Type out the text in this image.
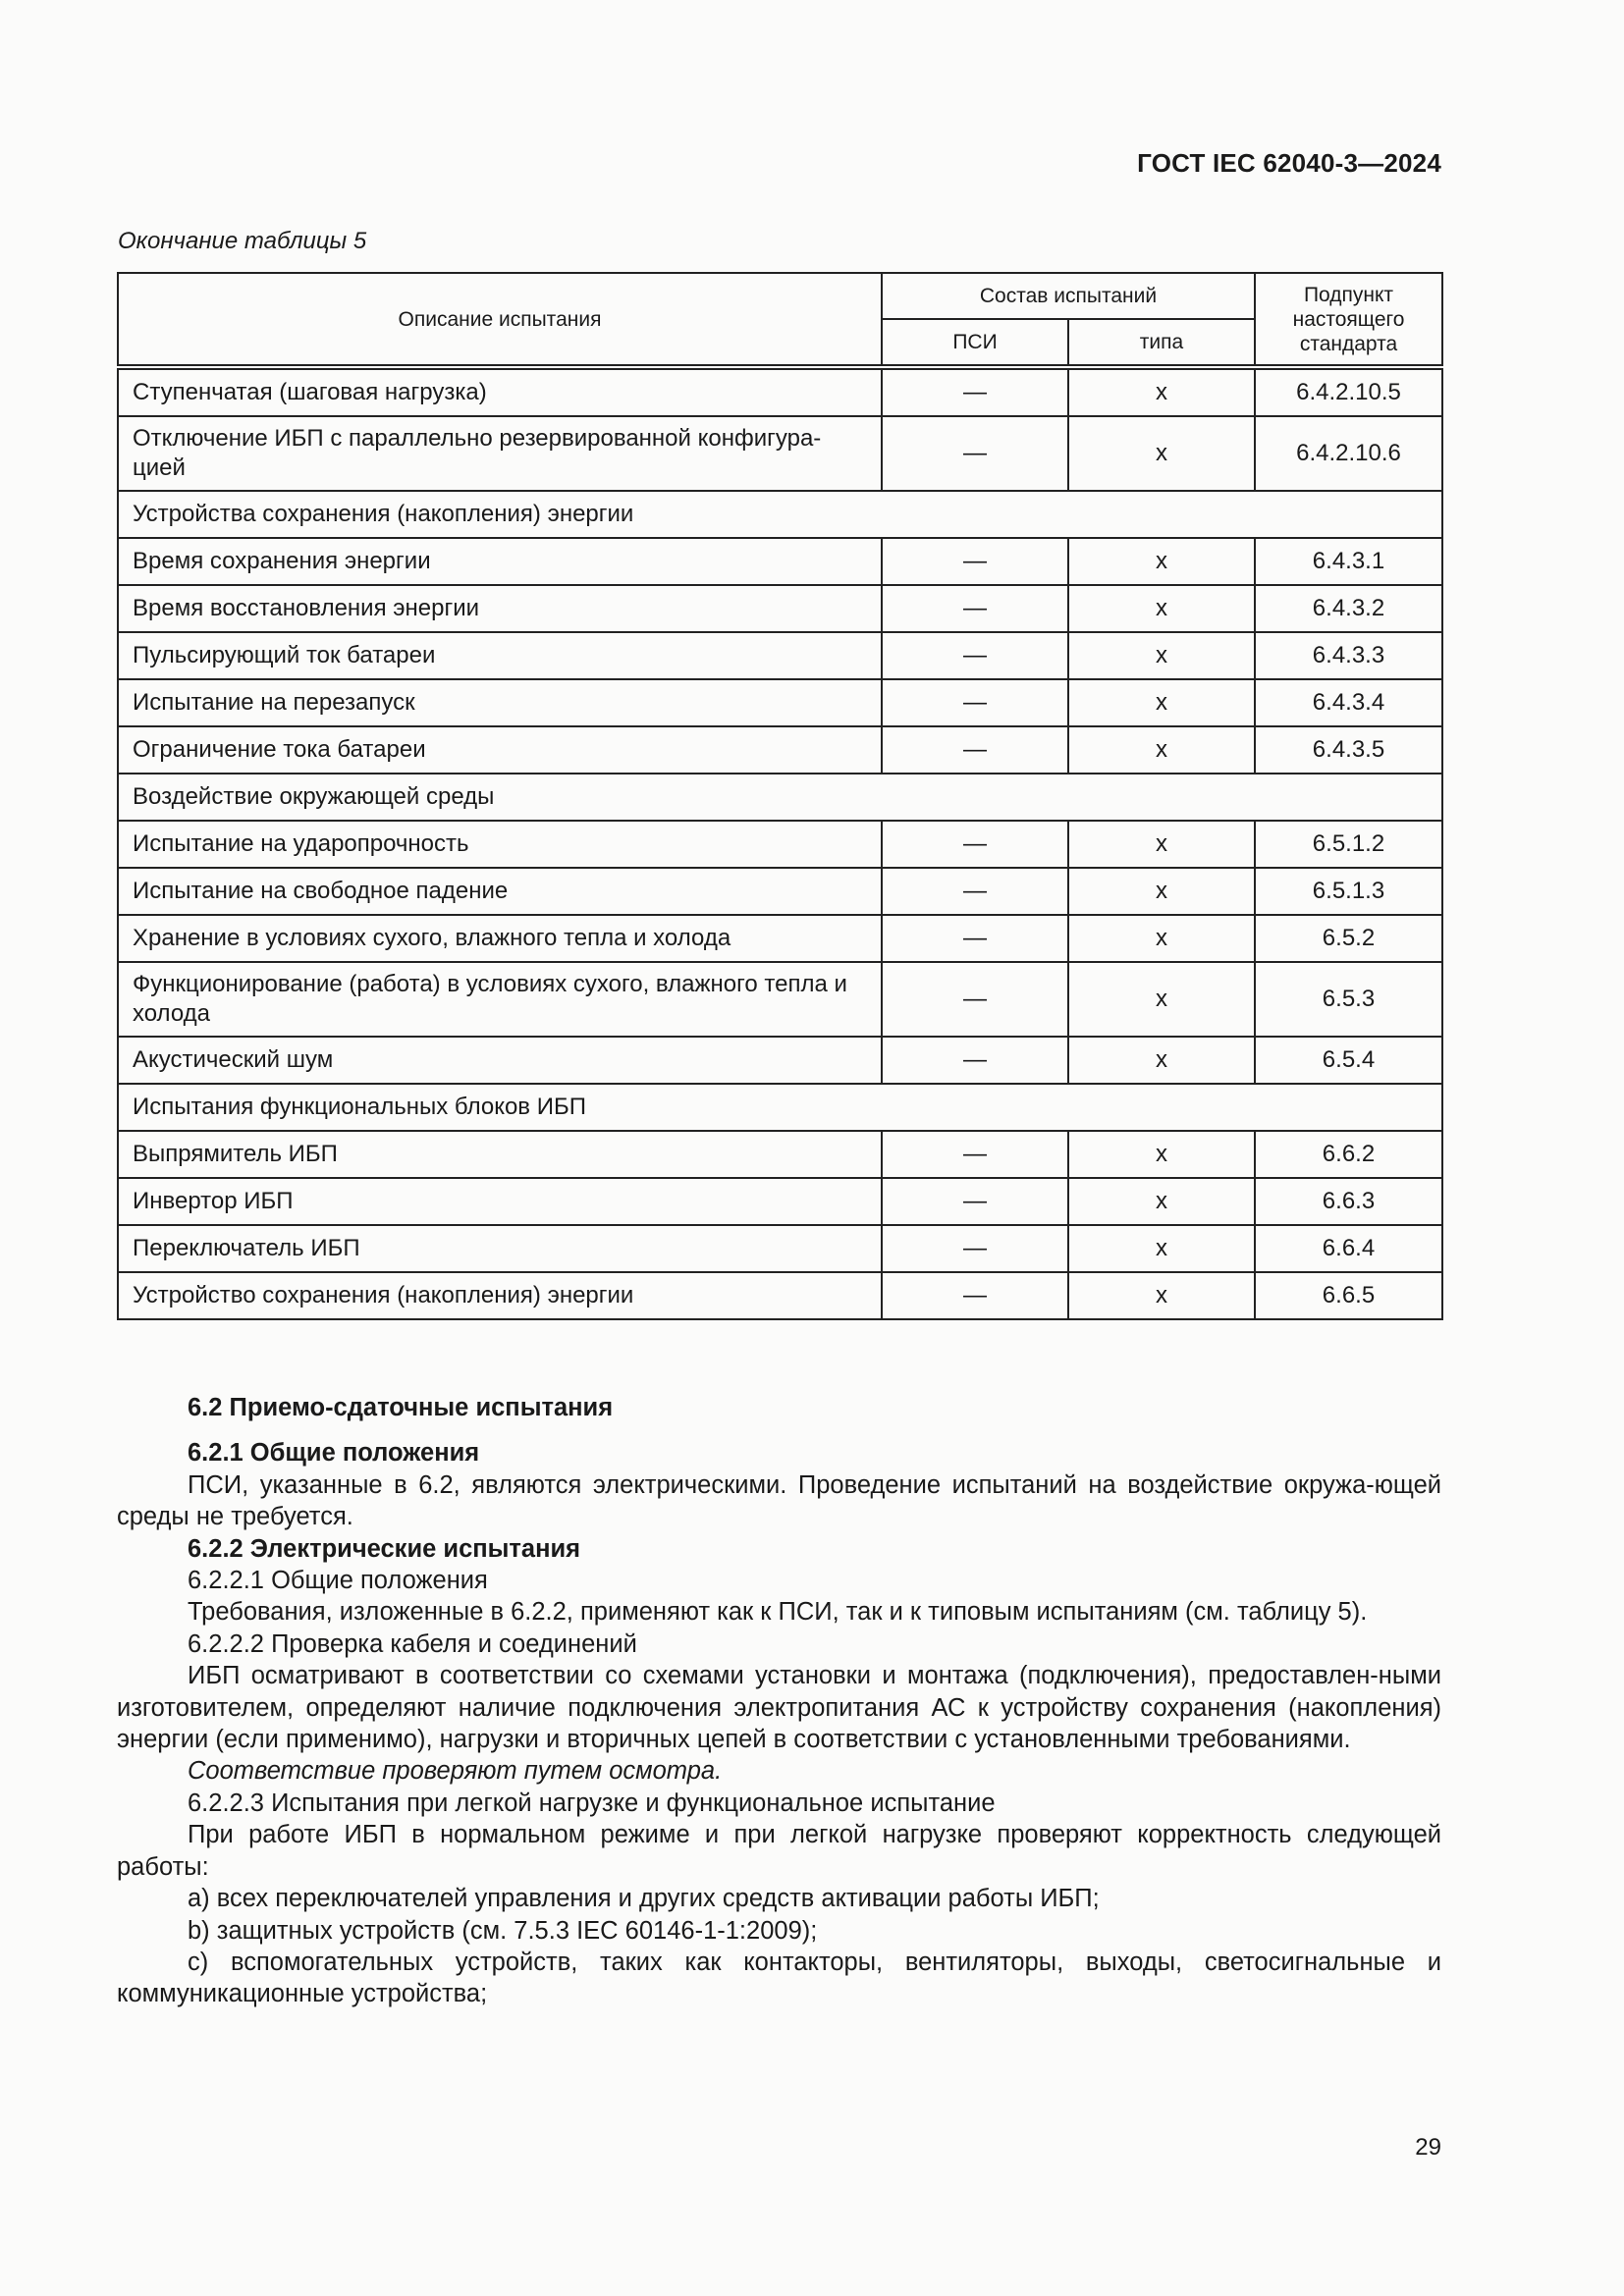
ГОСТ IEC 62040-3—2024
Окончание таблицы 5
Описание испытания	Состав испытаний		Подпункт настоящего стандарта
	ПСИ	типа	
Ступенчатая (шаговая нагрузка)	—	x	6.4.2.10.5
Отключение ИБП с параллельно резервированной конфигура-цией	—	x	6.4.2.10.6
Устройства сохранения (накопления) энергии			
Время сохранения энергии	—	x	6.4.3.1
Время восстановления энергии	—	x	6.4.3.2
Пульсирующий ток батареи	—	x	6.4.3.3
Испытание на перезапуск	—	x	6.4.3.4
Ограничение тока батареи	—	x	6.4.3.5
Воздействие окружающей среды			
Испытание на ударопрочность	—	x	6.5.1.2
Испытание на свободное падение	—	x	6.5.1.3
Хранение в условиях сухого, влажного тепла и холода	—	x	6.5.2
Функционирование (работа) в условиях сухого, влажного тепла и холода	—	x	6.5.3
Акустический шум	—	x	6.5.4
Испытания функциональных блоков ИБП			
Выпрямитель ИБП	—	x	6.6.2
Инвертор ИБП	—	x	6.6.3
Переключатель ИБП	—	x	6.6.4
Устройство сохранения (накопления) энергии	—	x	6.6.5

6.2 Приемо-сдаточные испытания

6.2.1 Общие положения

ПСИ, указанные в 6.2, являются электрическими. Проведение испытаний на воздействие окружа-ющей среды не требуется.

6.2.2 Электрические испытания

6.2.2.1 Общие положения

Требования, изложенные в 6.2.2, применяют как к ПСИ, так и к типовым испытаниям (см. таблицу 5).

6.2.2.2 Проверка кабеля и соединений

ИБП осматривают в соответствии со схемами установки и монтажа (подключения), предоставлен-ными изготовителем, определяют наличие подключения электропитания АС к устройству сохранения (накопления) энергии (если применимо), нагрузки и вторичных цепей в соответствии с установленными требованиями.

Соответствие проверяют путем осмотра.

6.2.2.3 Испытания при легкой нагрузке и функциональное испытание

При работе ИБП в нормальном режиме и при легкой нагрузке проверяют корректность следующей работы:

а) всех переключателей управления и других средств активации работы ИБП;

b) защитных устройств (см. 7.5.3 IEC 60146-1-1:2009);

с) вспомогательных устройств, таких как контакторы, вентиляторы, выходы, светосигнальные и коммуникационные устройства;

29
